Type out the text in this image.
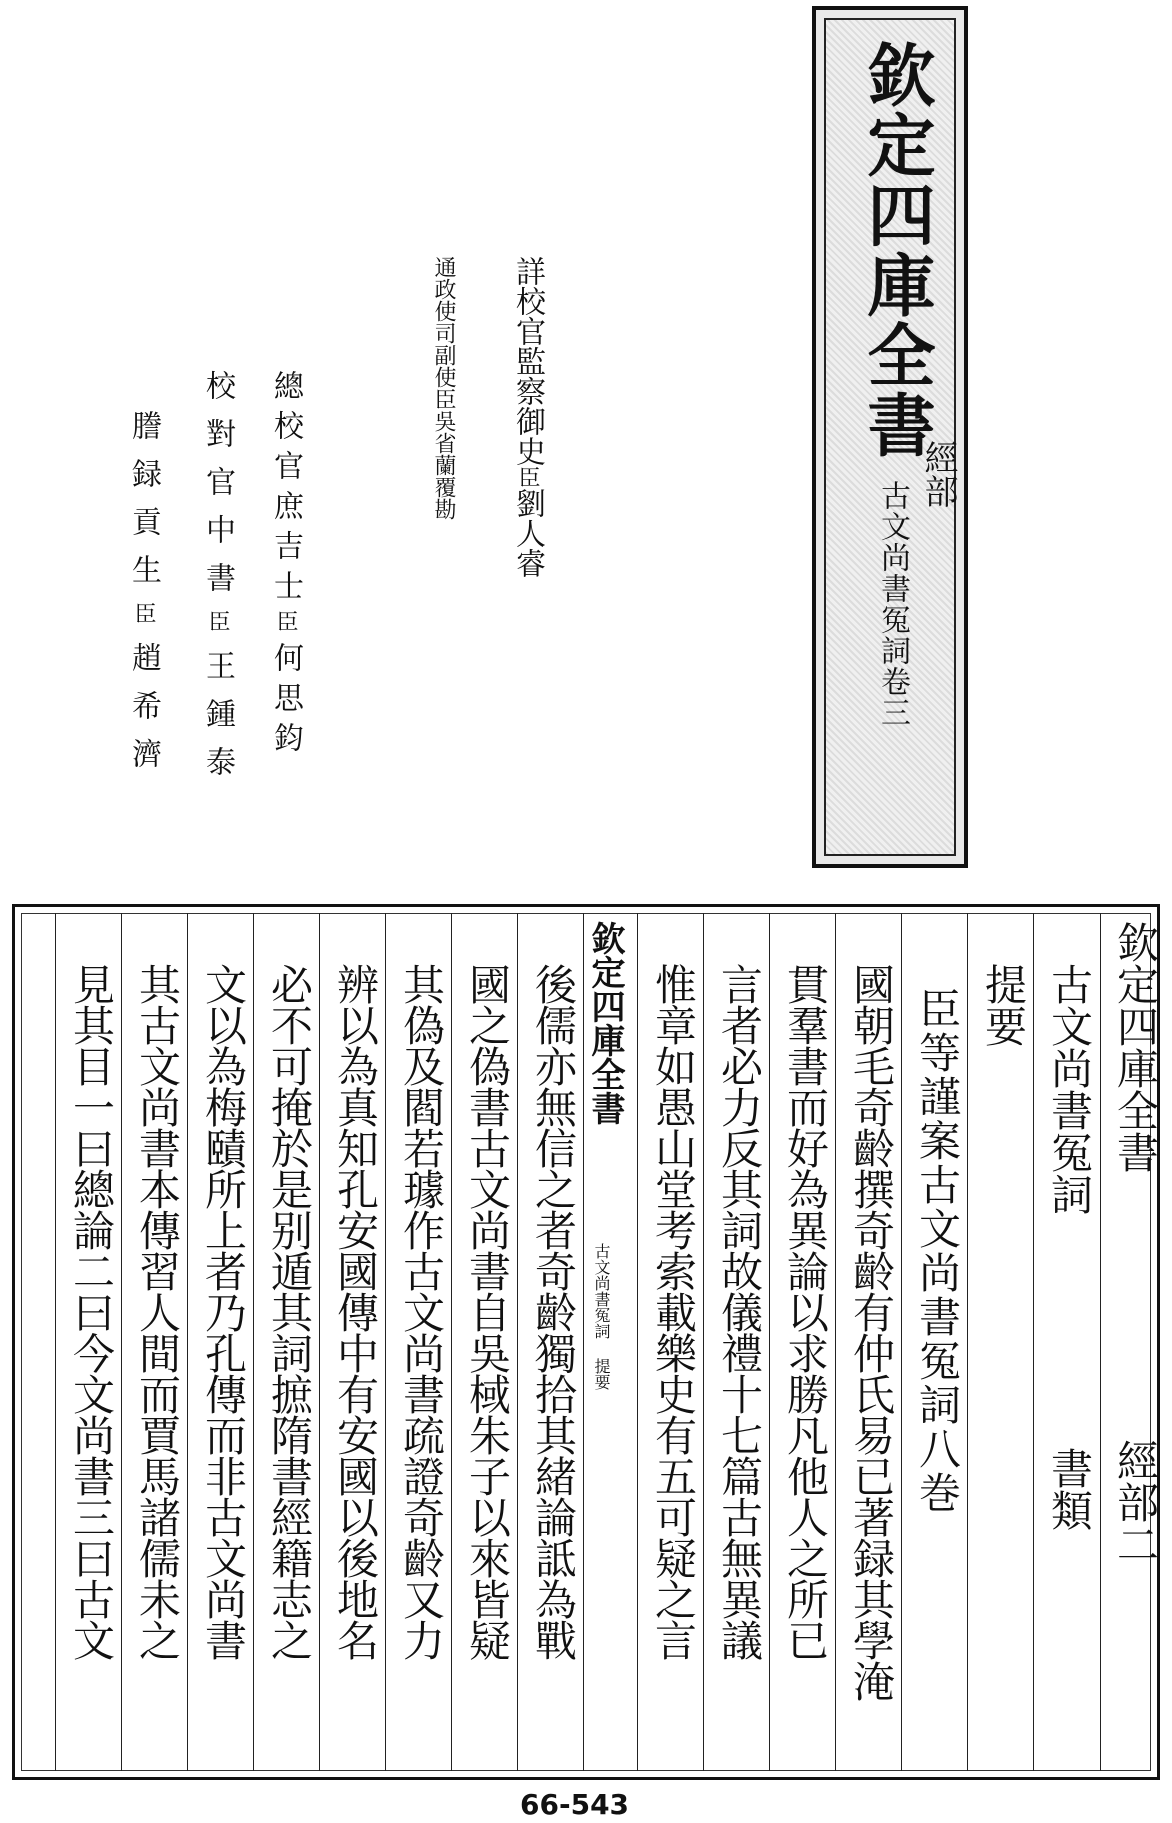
欽定四庫全書
經部
古文尚書冤詞卷三
詳校官監察御史臣劉人睿
通政使司副使臣吳省蘭覆勘
總校官庶吉士臣何思鈞
校對官中書臣王鍾泰
謄録貢生臣趙希濟
欽定四庫全書
經部二
古文尚書冤詞
書類
提要
臣等謹案古文尚書冤詞八巻
國朝毛奇齡撰奇齡有仲氏易已著録其學淹
貫羣書而好為異論以求勝凡他人之所已
言者必力反其詞故儀禮十七篇古無異議
惟章如愚山堂考索載樂史有五可疑之言
欽定四庫全書
古文尚書冤詞 提要
後儒亦無信之者奇齡獨拾其緒論詆為戰
國之偽書古文尚書自吳棫朱子以來皆疑
其偽及閻若璩作古文尚書疏證奇齡又力
辨以為真知孔安國傳中有安國以後地名
必不可掩於是别遁其詞摭隋書經籍志之
文以為梅賾所上者乃孔傳而非古文尚書
其古文尚書本傳習人間而賈馬諸儒未之
見其目一曰總論二曰今文尚書三曰古文
66-543
